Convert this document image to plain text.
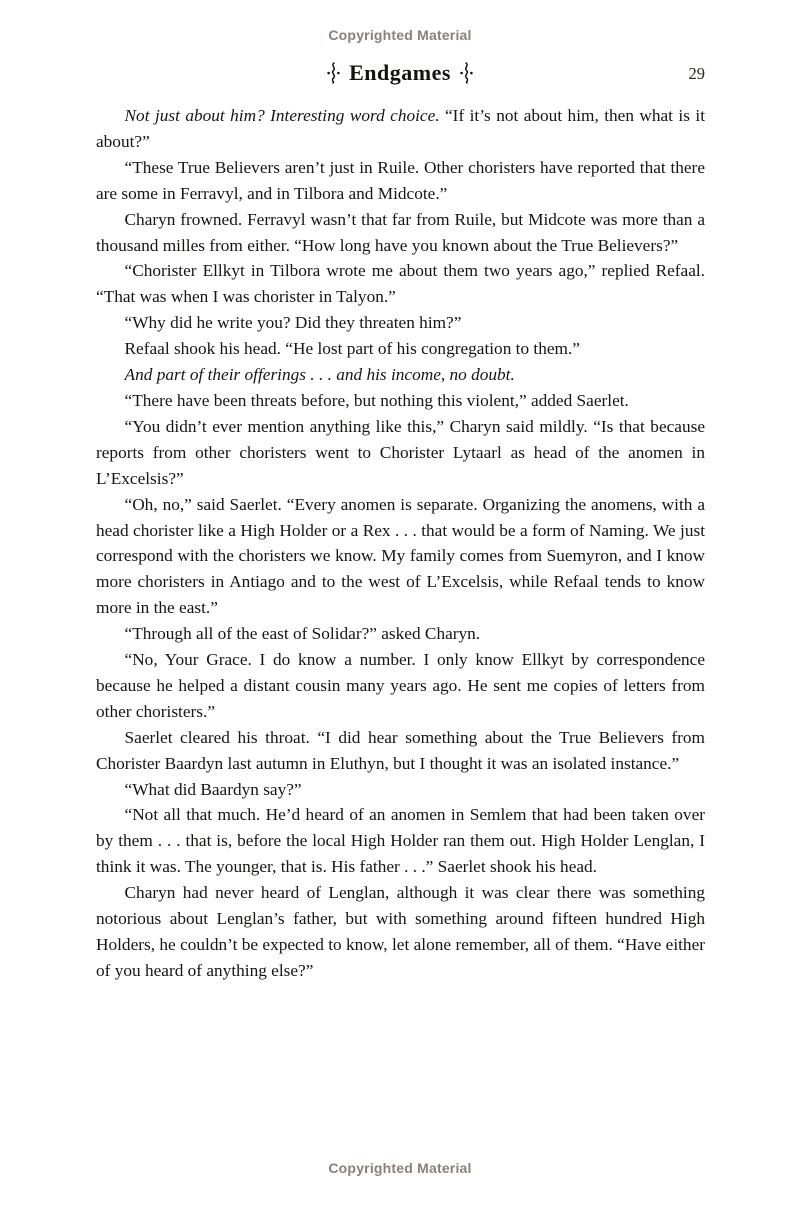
Copyrighted Material
Endgames	29

Not just about him? Interesting word choice. “If it’s not about him, then what is it about?”

“These True Believers aren’t just in Ruile. Other choristers have reported that there are some in Ferravyl, and in Tilbora and Midcote.”

Charyn frowned. Ferravyl wasn’t that far from Ruile, but Midcote was more than a thousand milles from either. “How long have you known about the True Believers?”

“Chorister Ellkyt in Tilbora wrote me about them two years ago,” replied Refaal. “That was when I was chorister in Talyon.”

“Why did he write you? Did they threaten him?”

Refaal shook his head. “He lost part of his congregation to them.”

And part of their offerings . . . and his income, no doubt.

“There have been threats before, but nothing this violent,” added Saerlet.

“You didn’t ever mention anything like this,” Charyn said mildly. “Is that because reports from other choristers went to Chorister Lytaarl as head of the anomen in L’Excelsis?”

“Oh, no,” said Saerlet. “Every anomen is separate. Organizing the anomens, with a head chorister like a High Holder or a Rex . . . that would be a form of Naming. We just correspond with the choristers we know. My family comes from Suemyron, and I know more choristers in Antiago and to the west of L’Excelsis, while Refaal tends to know more in the east.”

“Through all of the east of Solidar?” asked Charyn.

“No, Your Grace. I do know a number. I only know Ellkyt by correspondence because he helped a distant cousin many years ago. He sent me copies of letters from other choristers.”

Saerlet cleared his throat. “I did hear something about the True Believers from Chorister Baardyn last autumn in Eluthyn, but I thought it was an isolated instance.”

“What did Baardyn say?”

“Not all that much. He’d heard of an anomen in Semlem that had been taken over by them . . . that is, before the local High Holder ran them out. High Holder Lenglan, I think it was. The younger, that is. His father . . .” Saerlet shook his head.

Charyn had never heard of Lenglan, although it was clear there was something notorious about Lenglan’s father, but with something around fifteen hundred High Holders, he couldn’t be expected to know, let alone remember, all of them. “Have either of you heard of anything else?”

Copyrighted Material
